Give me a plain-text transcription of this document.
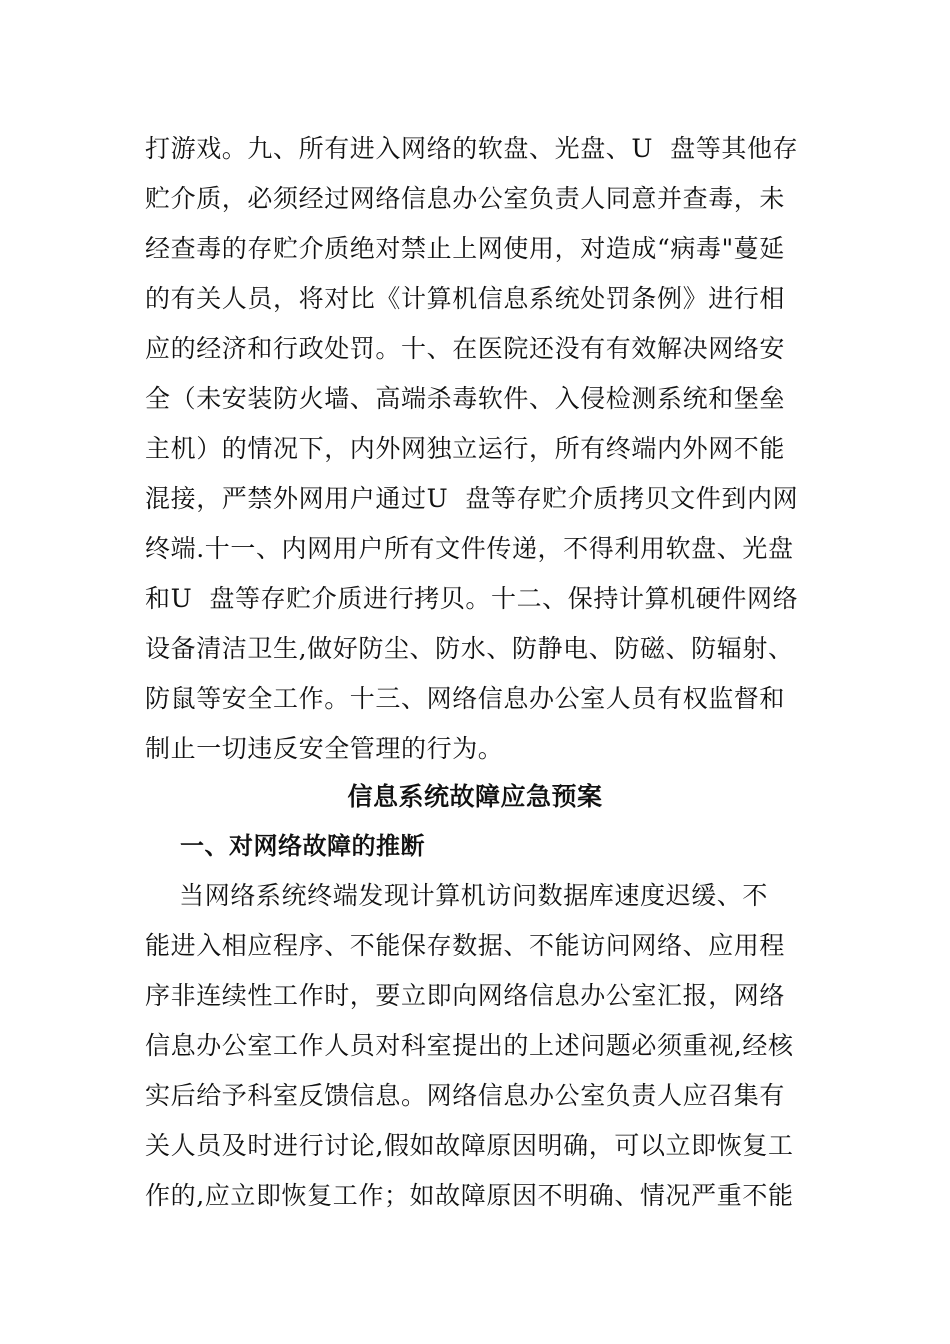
打游戏。九、所有进入网络的软盘、光盘、U  盘等其他存
贮介质，必须经过网络信息办公室负责人同意并查毒，未
经查毒的存贮介质绝对禁止上网使用，对造成“病毒"蔓延
的有关人员，将对比《计算机信息系统处罚条例》进行相
应的经济和行政处罚。十、在医院还没有有效解决网络安
全（未安装防火墙、高端杀毒软件、入侵检测系统和堡垒
主机）的情况下，内外网独立运行，所有终端内外网不能
混接，严禁外网用户通过U  盘等存贮介质拷贝文件到内网
终端.十一、内网用户所有文件传递，不得利用软盘、光盘
和U  盘等存贮介质进行拷贝。十二、保持计算机硬件网络
设备清洁卫生,做好防尘、防水、防静电、防磁、防辐射、
防鼠等安全工作。十三、网络信息办公室人员有权监督和
制止一切违反安全管理的行为。
信息系统故障应急预案
一、对网络故障的推断
当网络系统终端发现计算机访问数据库速度迟缓、不
能进入相应程序、不能保存数据、不能访问网络、应用程
序非连续性工作时，要立即向网络信息办公室汇报，网络
信息办公室工作人员对科室提出的上述问题必须重视,经核
实后给予科室反馈信息。网络信息办公室负责人应召集有
关人员及时进行讨论,假如故障原因明确，可以立即恢复工
作的,应立即恢复工作；如故障原因不明确、情况严重不能
